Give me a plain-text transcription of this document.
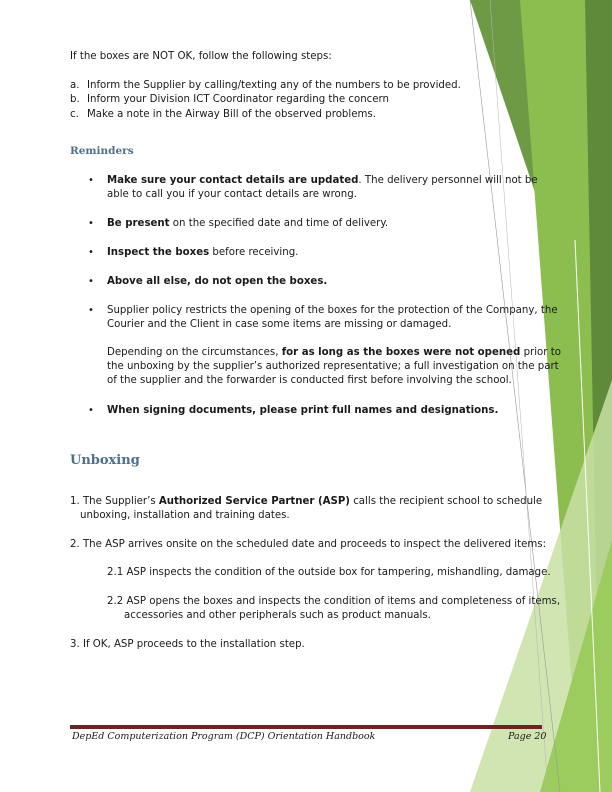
If the boxes are NOT OK, follow the following steps:
a. Inform the Supplier by calling/texting any of the numbers to be provided.
b. Inform your Division ICT Coordinator regarding the concern
c. Make a note in the Airway Bill of the observed problems.
Reminders
• Make sure your contact details are updated. The delivery personnel will not be
able to call you if your contact details are wrong.
• Be present on the specified date and time of delivery.
• Inspect the boxes before receiving.
• Above all else, do not open the boxes.
• Supplier policy restricts the opening of the boxes for the protection of the Company, the
Courier and the Client in case some items are missing or damaged.
Depending on the circumstances, for as long as the boxes were not opened prior to
the unboxing by the supplier’s authorized representative; a full investigation on the part
of the supplier and the forwarder is conducted first before involving the school.
• When signing documents, please print full names and designations.
Unboxing
1. The Supplier’s Authorized Service Partner (ASP) calls the recipient school to schedule
unboxing, installation and training dates.
2. The ASP arrives onsite on the scheduled date and proceeds to inspect the delivered items:
2.1 ASP inspects the condition of the outside box for tampering, mishandling, damage.
2.2 ASP opens the boxes and inspects the condition of items and completeness of items,
accessories and other peripherals such as product manuals.
3. If OK, ASP proceeds to the installation step.
DepEd Computerization Program (DCP) Orientation Handbook	Page 20
